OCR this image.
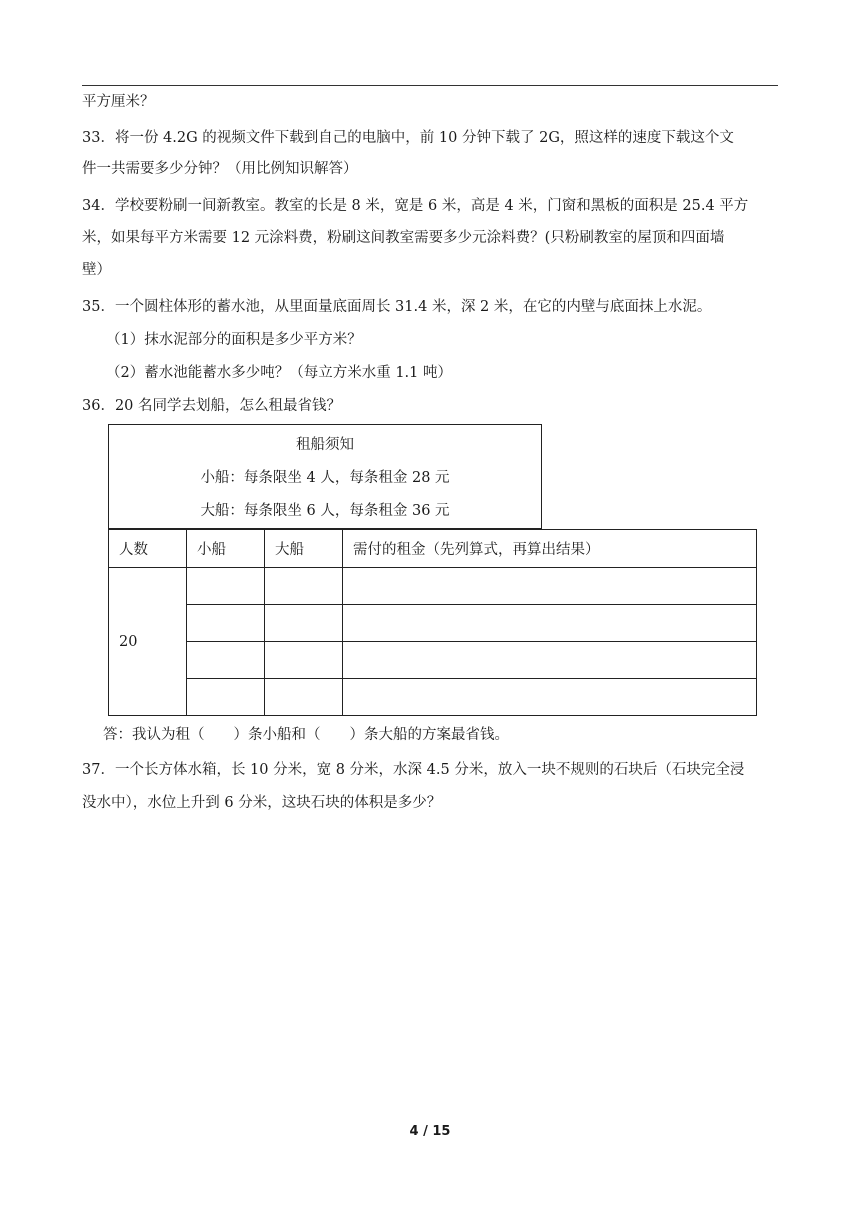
平方厘米？
33．将一份 4.2G 的视频文件下载到自己的电脑中，前 10 分钟下载了 2G，照这样的速度下载这个文
件一共需要多少分钟？（用比例知识解答）
34．学校要粉刷一间新教室。教室的长是 8 米，宽是 6 米，高是 4 米，门窗和黑板的面积是 25.4 平方
米，如果每平方米需要 12 元涂料费，粉刷这间教室需要多少元涂料费？(只粉刷教室的屋顶和四面墙
壁）
35．一个圆柱体形的蓄水池，从里面量底面周长 31.4 米，深 2 米，在它的内壁与底面抹上水泥。
（1）抹水泥部分的面积是多少平方米？
（2）蓄水池能蓄水多少吨？（每立方米水重 1.1 吨）
36．20 名同学去划船，怎么租最省钱？
租船须知
小船：每条限坐 4 人，每条租金 28 元
大船：每条限坐 6 人，每条租金 36 元
人数	小船	大船	需付的租金（先列算式，再算出结果）
20			

答：我认为租（　　）条小船和（　　）条大船的方案最省钱。
37．一个长方体水箱，长 10 分米，宽 8 分米，水深 4.5 分米，放入一块不规则的石块后（石块完全浸
没水中），水位上升到 6 分米，这块石块的体积是多少？
4 / 15
